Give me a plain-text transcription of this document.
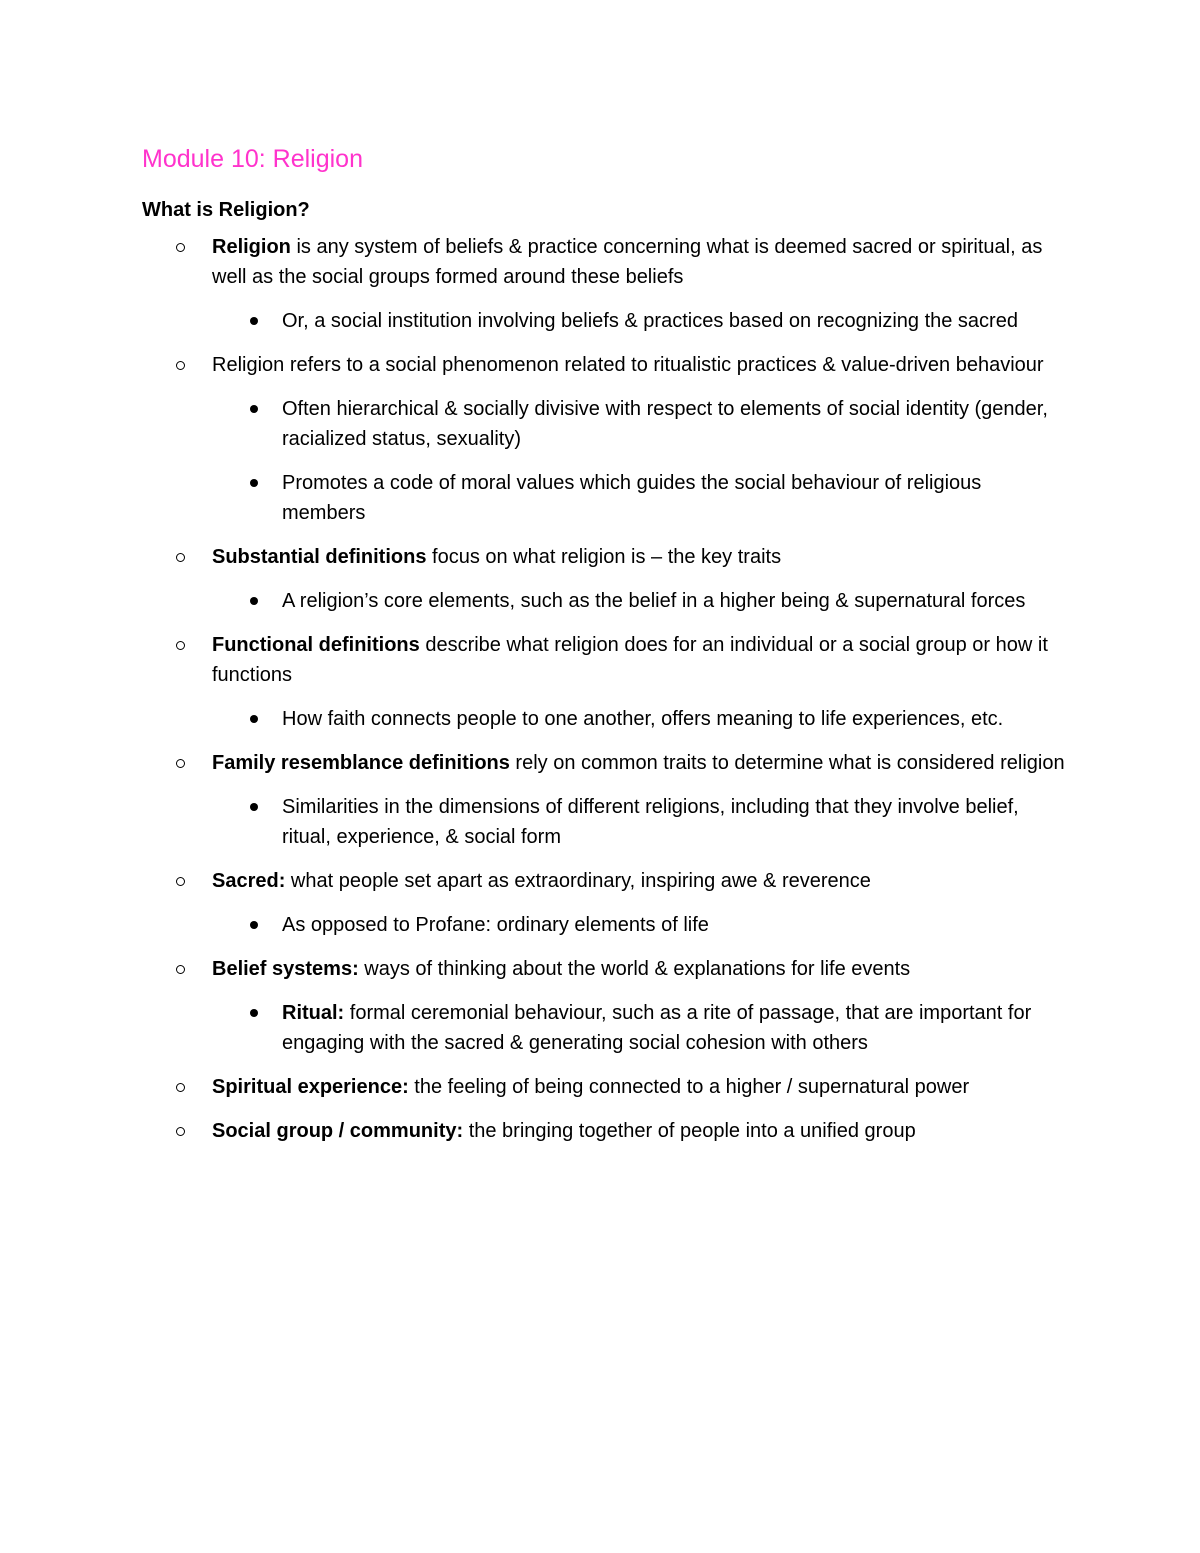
Module 10: Religion
What is Religion?
Religion is any system of beliefs & practice concerning what is deemed sacred or spiritual, as well as the social groups formed around these beliefs
Or, a social institution involving beliefs & practices based on recognizing the sacred
Religion refers to a social phenomenon related to ritualistic practices & value-driven behaviour
Often hierarchical & socially divisive with respect to elements of social identity (gender, racialized status, sexuality)
Promotes a code of moral values which guides the social behaviour of religious members
Substantial definitions focus on what religion is – the key traits
A religion’s core elements, such as the belief in a higher being & supernatural forces
Functional definitions describe what religion does for an individual or a social group or how it functions
How faith connects people to one another, offers meaning to life experiences, etc.
Family resemblance definitions rely on common traits to determine what is considered religion
Similarities in the dimensions of different religions, including that they involve belief, ritual, experience, & social form
Sacred: what people set apart as extraordinary, inspiring awe & reverence
As opposed to Profane: ordinary elements of life
Belief systems: ways of thinking about the world & explanations for life events
Ritual: formal ceremonial behaviour, such as a rite of passage, that are important for engaging with the sacred & generating social cohesion with others
Spiritual experience: the feeling of being connected to a higher / supernatural power
Social group / community: the bringing together of people into a unified group
